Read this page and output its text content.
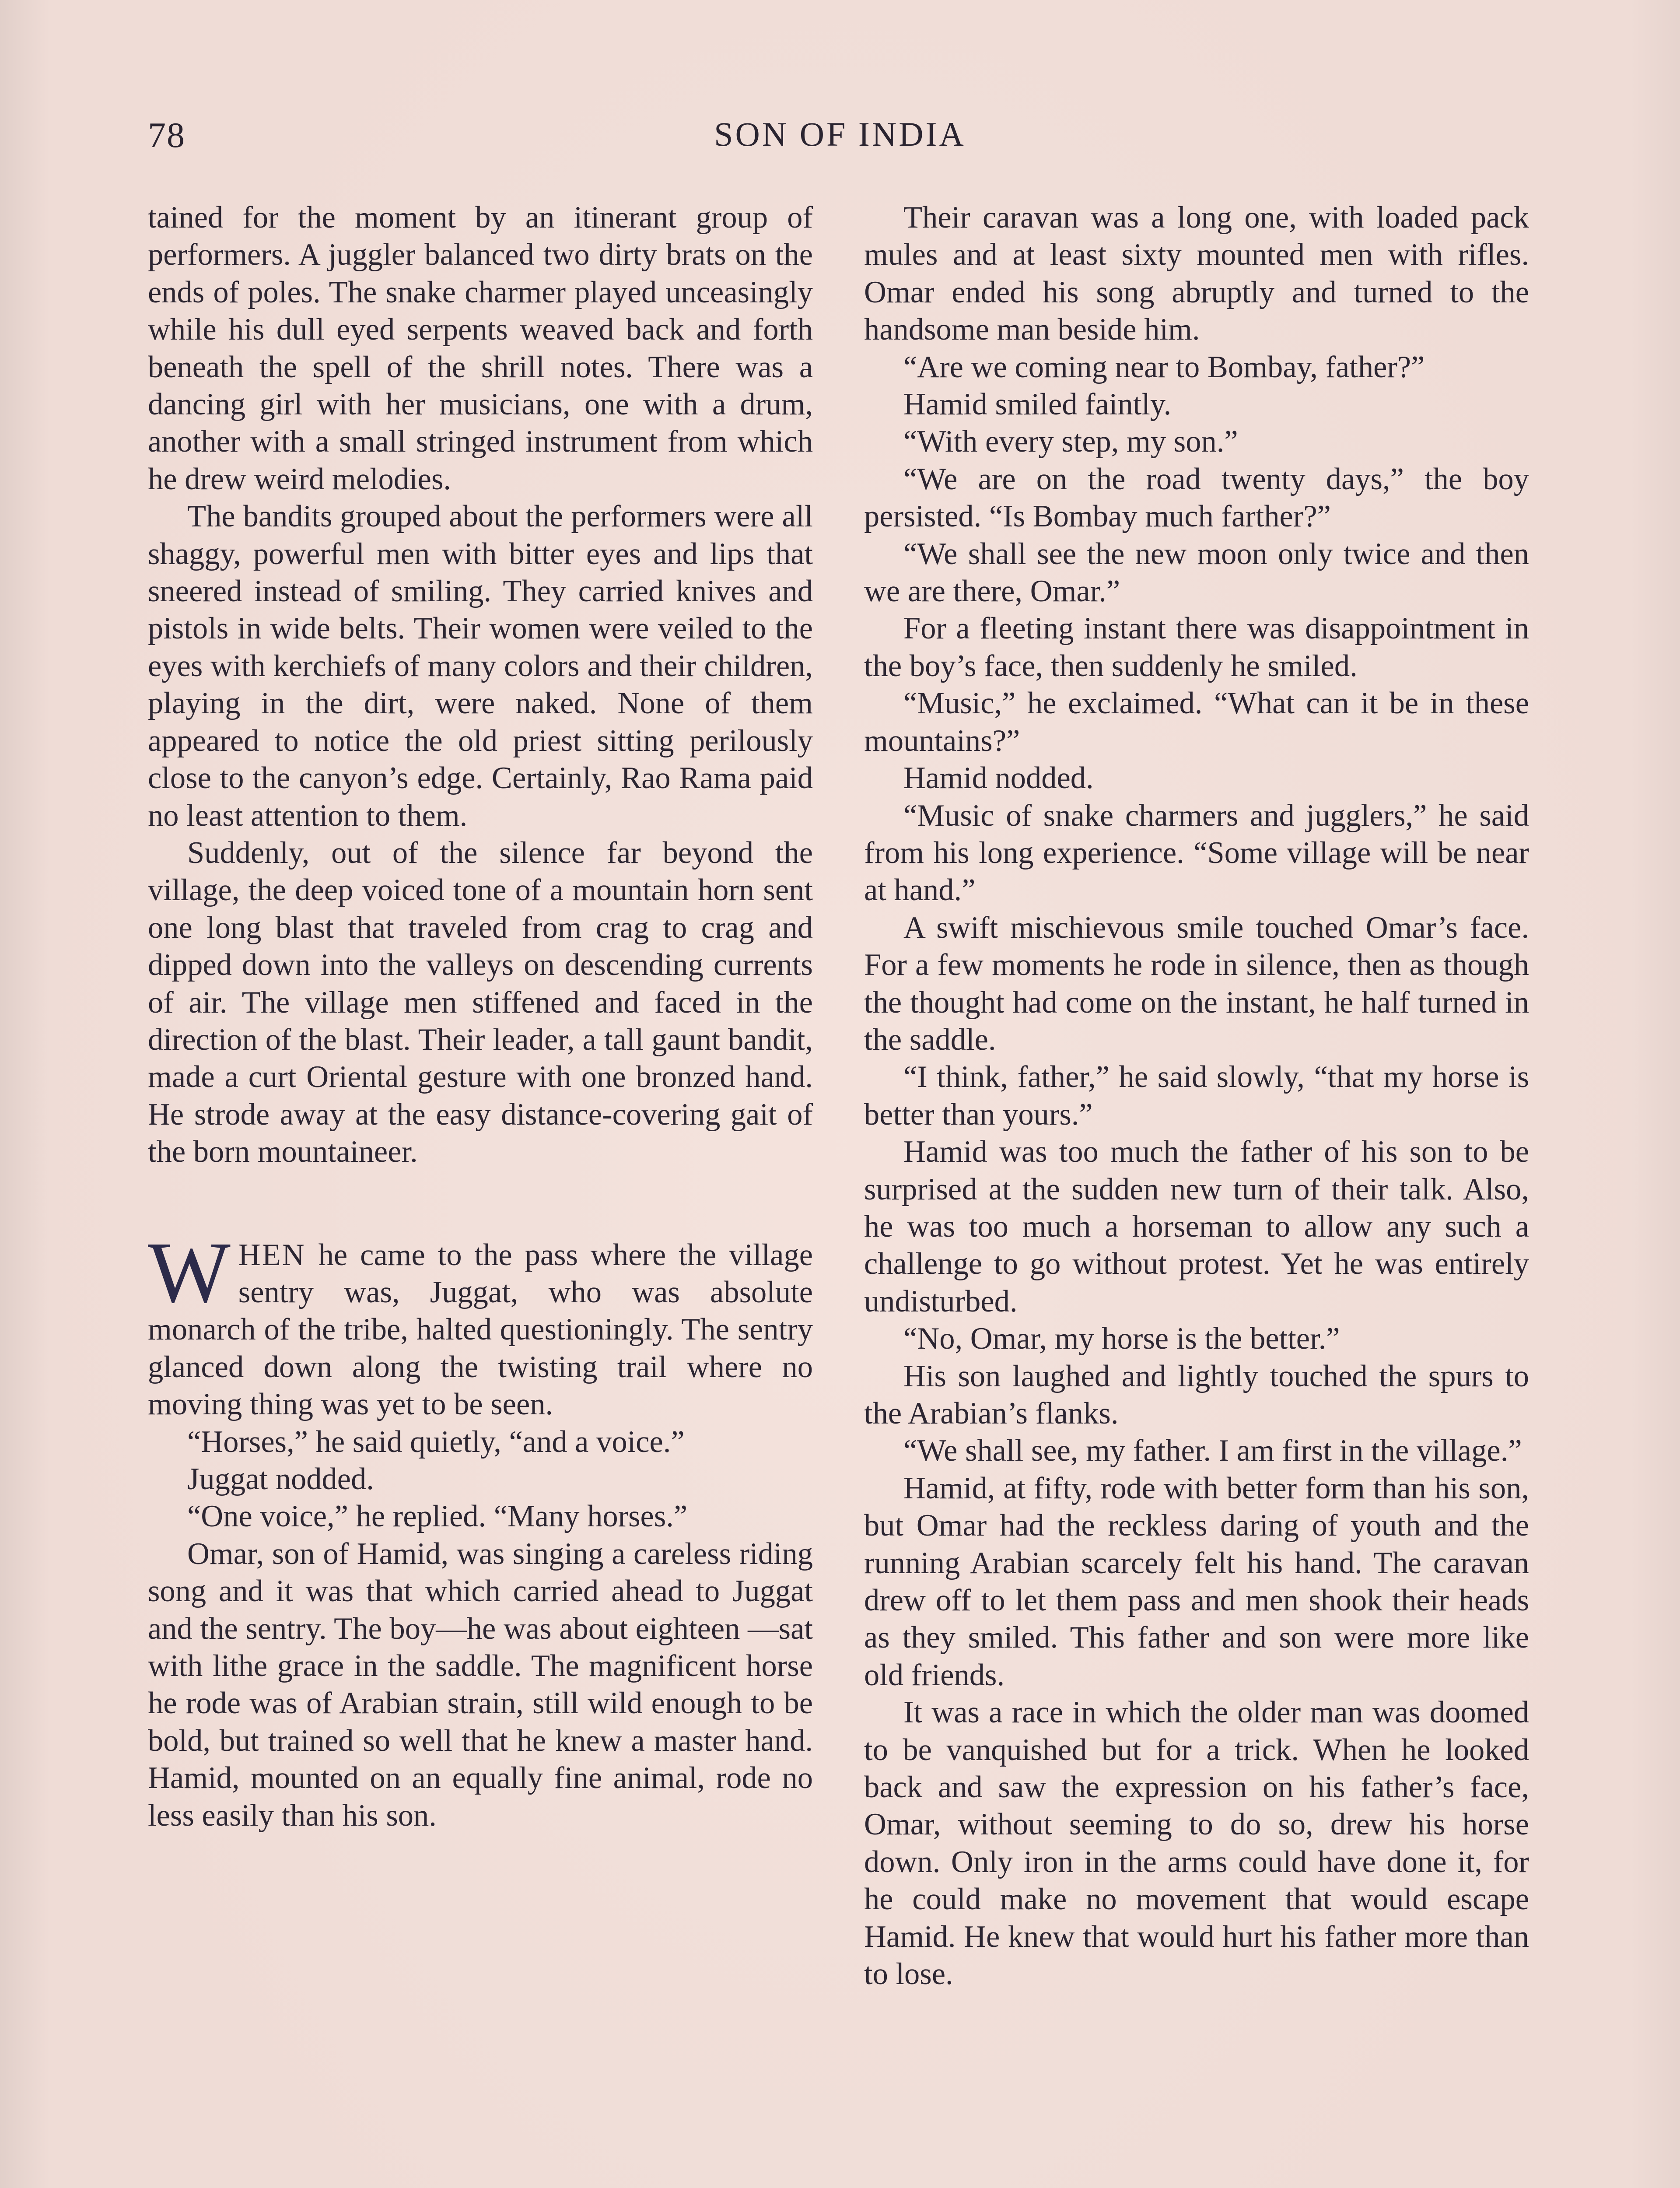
78	SON OF INDIA

tained for the moment by an itinerant group of performers. A juggler balanced two dirty brats on the ends of poles. The snake charmer played unceasingly while his dull eyed serpents weaved back and forth beneath the spell of the shrill notes. There was a dancing girl with her musicians, one with a drum, another with a small stringed instrument from which he drew weird melodies.

The bandits grouped about the performers were all shaggy, powerful men with bitter eyes and lips that sneered instead of smiling. They carried knives and pistols in wide belts. Their women were veiled to the eyes with kerchiefs of many colors and their children, playing in the dirt, were naked. None of them appeared to notice the old priest sitting perilously close to the canyon’s edge. Certainly, Rao Rama paid no least attention to them.

Suddenly, out of the silence far beyond the village, the deep voiced tone of a mountain horn sent one long blast that traveled from crag to crag and dipped down into the valleys on descending currents of air. The village men stiffened and faced in the direction of the blast. Their leader, a tall gaunt bandit, made a curt Oriental gesture with one bronzed hand. He strode away at the easy distance-covering gait of the born mountaineer.

WHEN he came to the pass where the village sentry was, Juggat, who was absolute monarch of the tribe, halted questioningly. The sentry glanced down along the twisting trail where no moving thing was yet to be seen.

“Horses,” he said quietly, “and a voice.”

Juggat nodded.

“One voice,” he replied. “Many horses.”

Omar, son of Hamid, was singing a careless riding song and it was that which carried ahead to Juggat and the sentry. The boy—he was about eighteen —sat with lithe grace in the saddle. The magnificent horse he rode was of Arabian strain, still wild enough to be bold, but trained so well that he knew a master hand. Hamid, mounted on an equally fine animal, rode no less easily than his son.

Their caravan was a long one, with loaded pack mules and at least sixty mounted men with rifles. Omar ended his song abruptly and turned to the handsome man beside him.

“Are we coming near to Bombay, father?”

Hamid smiled faintly.

“With every step, my son.”

“We are on the road twenty days,” the boy persisted. “Is Bombay much farther?”

“We shall see the new moon only twice and then we are there, Omar.”

For a fleeting instant there was disappointment in the boy’s face, then suddenly he smiled.

“Music,” he exclaimed. “What can it be in these mountains?”

Hamid nodded.

“Music of snake charmers and jugglers,” he said from his long experience. “Some village will be near at hand.”

A swift mischievous smile touched Omar’s face. For a few moments he rode in silence, then as though the thought had come on the instant, he half turned in the saddle.

“I think, father,” he said slowly, “that my horse is better than yours.”

Hamid was too much the father of his son to be surprised at the sudden new turn of their talk. Also, he was too much a horseman to allow any such a challenge to go without protest. Yet he was entirely undisturbed.

“No, Omar, my horse is the better.”

His son laughed and lightly touched the spurs to the Arabian’s flanks.

“We shall see, my father. I am first in the village.”

Hamid, at fifty, rode with better form than his son, but Omar had the reckless daring of youth and the running Arabian scarcely felt his hand. The caravan drew off to let them pass and men shook their heads as they smiled. This father and son were more like old friends.

It was a race in which the older man was doomed to be vanquished but for a trick. When he looked back and saw the expression on his father’s face, Omar, without seeming to do so, drew his horse down. Only iron in the arms could have done it, for he could make no movement that would escape Hamid. He knew that would hurt his father more than to lose.
